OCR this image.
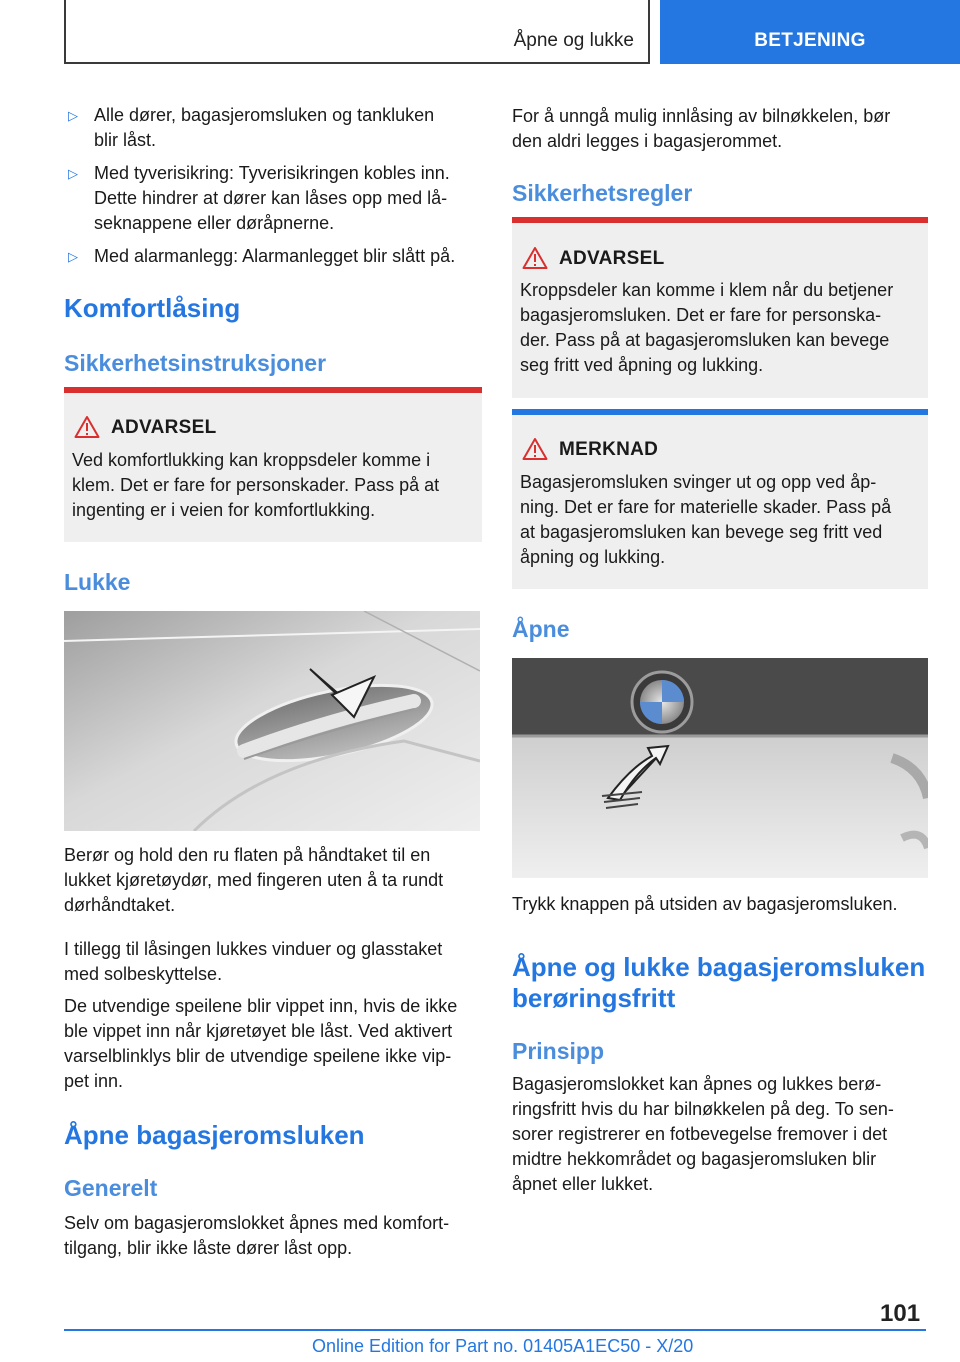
Åpne og lukke	BETJENING
▷ Alle dører, bagasjeromsluken og tankluken
blir låst.
▷ Med tyverisikring: Tyverisikringen kobles inn.
Dette hindrer at dører kan låses opp med lå-
seknappene eller døråpnerne.
▷ Med alarmanlegg: Alarmanlegget blir slått på.
Komfortlåsing
Sikkerhetsinstruksjoner
ADVARSEL
Ved komfortlukking kan kroppsdeler komme i
klem. Det er fare for personskader. Pass på at
ingenting er i veien for komfortlukking.
Lukke

Berør og hold den ru flaten på håndtaket til en
lukket kjøretøydør, med fingeren uten å ta rundt
dørhåndtaket.

I tillegg til låsingen lukkes vinduer og glasstaket
med solbeskyttelse.

De utvendige speilene blir vippet inn, hvis de ikke
ble vippet inn når kjøretøyet ble låst. Ved aktivert
varselblinklys blir de utvendige speilene ikke vip-
pet inn.

Åpne bagasjeromsluken
Generelt

Selv om bagasjeromslokket åpnes med komfort-
tilgang, blir ikke låste dører låst opp.

For å unngå mulig innlåsing av bilnøkkelen, bør
den aldri legges i bagasjerommet.

Sikkerhetsregler
ADVARSEL
Kroppsdeler kan komme i klem når du betjener
bagasjeromsluken. Det er fare for personska-
der. Pass på at bagasjeromsluken kan bevege
seg fritt ved åpning og lukking.
MERKNAD
Bagasjeromsluken svinger ut og opp ved åp-
ning. Det er fare for materielle skader. Pass på
at bagasjeromsluken kan bevege seg fritt ved
åpning og lukking.
Åpne

Trykk knappen på utsiden av bagasjeromsluken.

Åpne og lukke bagasjeromsluken
berøringsfritt
Prinsipp

Bagasjeromslokket kan åpnes og lukkes berø-
ringsfritt hvis du har bilnøkkelen på deg. To sen-
sorer registrerer en fotbevegelse fremover i det
midtre hekkområdet og bagasjeromsluken blir
åpnet eller lukket.

101
Online Edition for Part no. 01405A1EC50 - X/20
